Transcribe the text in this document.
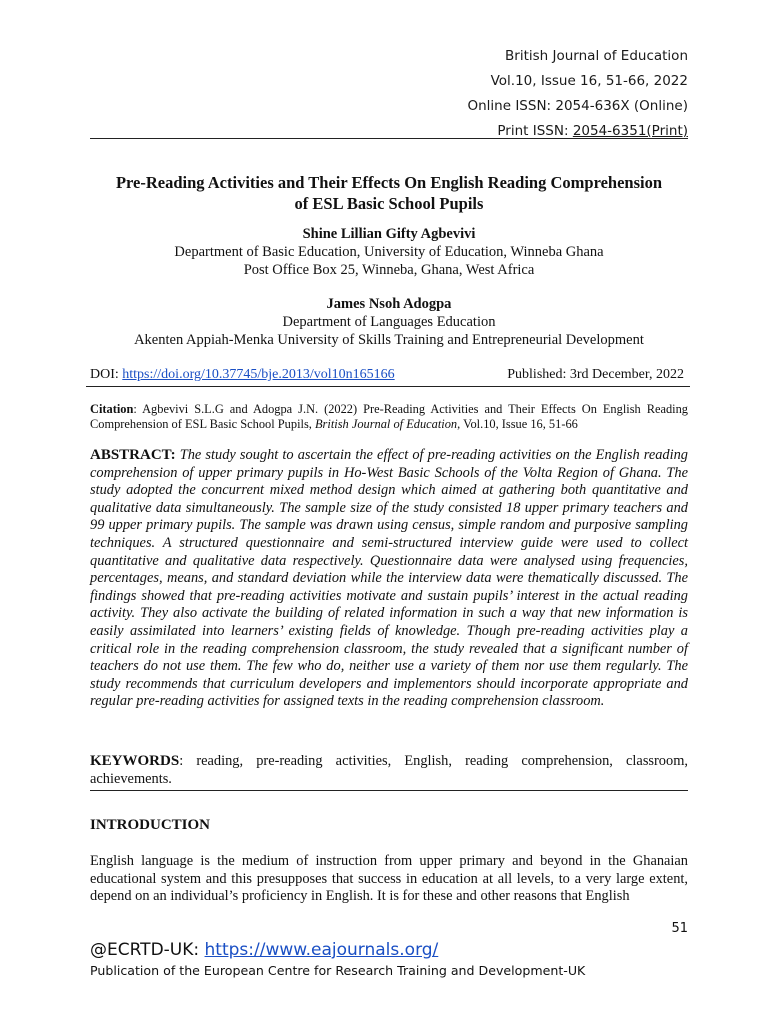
British Journal of Education
Vol.10, Issue 16, 51-66, 2022
Online ISSN: 2054-636X (Online)
Print ISSN: 2054-6351(Print)
Pre-Reading Activities and Their Effects On English Reading Comprehension
of ESL Basic School Pupils
Shine Lillian Gifty Agbevivi
Department of Basic Education, University of Education, Winneba Ghana
Post Office Box 25, Winneba, Ghana, West Africa
James Nsoh Adogpa
Department of Languages Education
Akenten Appiah-Menka University of Skills Training and Entrepreneurial Development
DOI: https://doi.org/10.37745/bje.2013/vol10n165166	Published: 3rd December, 2022
Citation: Agbevivi S.L.G and Adogpa J.N. (2022) Pre-Reading Activities and Their Effects On English Reading Comprehension of ESL Basic School Pupils, British Journal of Education, Vol.10, Issue 16, 51-66
ABSTRACT: The study sought to ascertain the effect of pre-reading activities on the English reading comprehension of upper primary pupils in Ho-West Basic Schools of the Volta Region of Ghana. The study adopted the concurrent mixed method design which aimed at gathering both quantitative and qualitative data simultaneously. The sample size of the study consisted 18 upper primary teachers and 99 upper primary pupils. The sample was drawn using census, simple random and purposive sampling techniques. A structured questionnaire and semi-structured interview guide were used to collect quantitative and qualitative data respectively. Questionnaire data were analysed using frequencies, percentages, means, and standard deviation while the interview data were thematically discussed. The findings showed that pre-reading activities motivate and sustain pupils’ interest in the actual reading activity. They also activate the building of related information in such a way that new information is easily assimilated into learners’ existing fields of knowledge. Though pre-reading activities play a critical role in the reading comprehension classroom, the study revealed that a significant number of teachers do not use them. The few who do, neither use a variety of them nor use them regularly. The study recommends that curriculum developers and implementors should incorporate appropriate and regular pre-reading activities for assigned texts in the reading comprehension classroom.
KEYWORDS: reading, pre-reading activities, English, reading comprehension, classroom, achievements.
INTRODUCTION
English language is the medium of instruction from upper primary and beyond in the Ghanaian educational system and this presupposes that success in education at all levels, to a very large extent, depend on an individual’s proficiency in English. It is for these and other reasons that English
51
@ECRTD-UK: https://www.eajournals.org/
Publication of the European Centre for Research Training and Development-UK
